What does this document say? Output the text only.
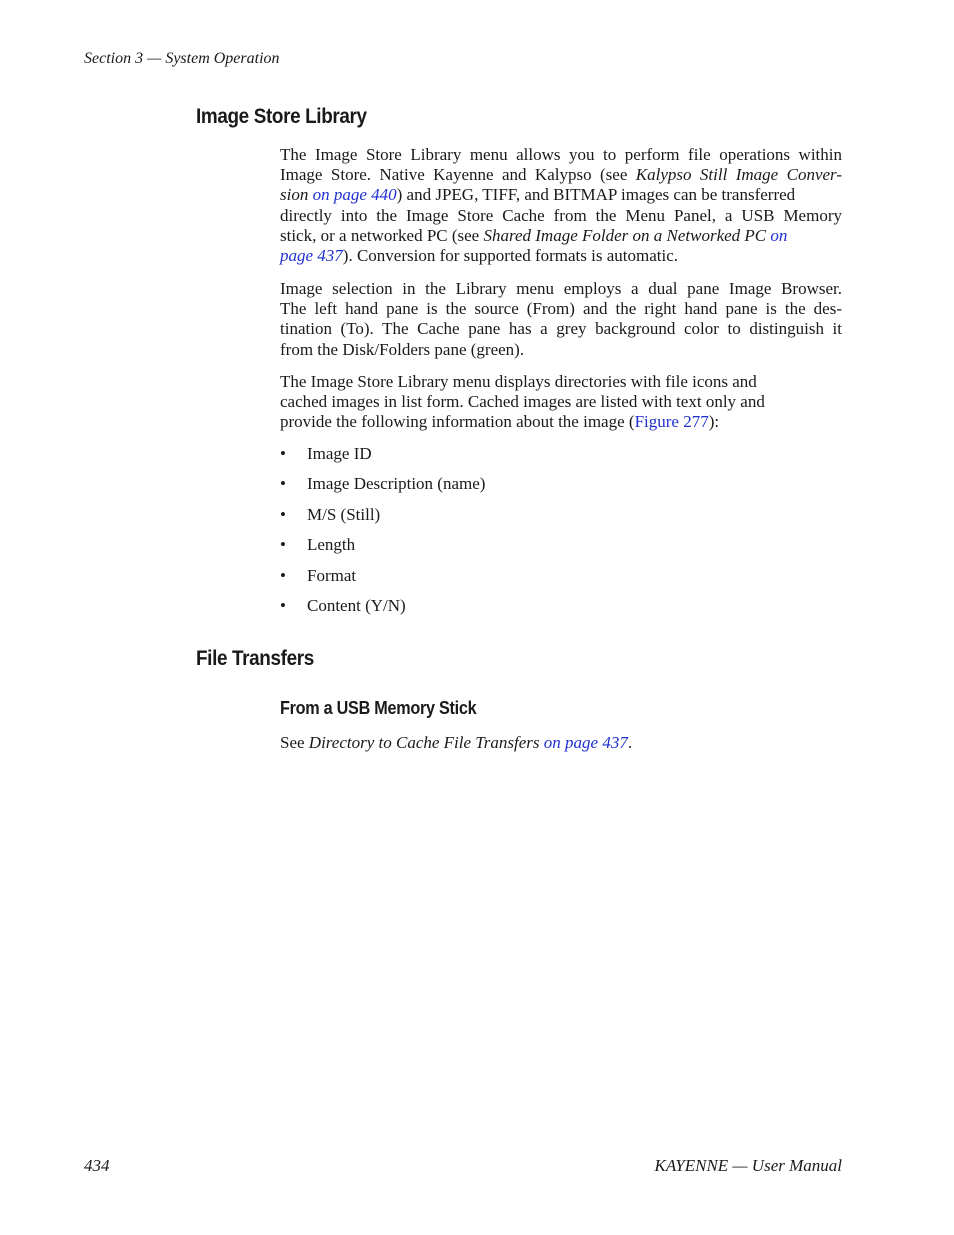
Section 3 — System Operation
Image Store Library

The Image Store Library menu allows you to perform file operations within
Image Store. Native Kayenne and Kalypso (see Kalypso Still Image Conver-
sion on page 440) and JPEG, TIFF, and BITMAP images can be transferred
directly into the Image Store Cache from the Menu Panel, a USB Memory
stick, or a networked PC (see Shared Image Folder on a Networked PC on
page 437). Conversion for supported formats is automatic.

Image selection in the Library menu employs a dual pane Image Browser.
The left hand pane is the source (From) and the right hand pane is the des-
tination (To). The Cache pane has a grey background color to distinguish it
from the Disk/Folders pane (green).

The Image Store Library menu displays directories with file icons and
cached images in list form. Cached images are listed with text only and
provide the following information about the image (Figure 277):

• Image ID
• Image Description (name)
• M/S (Still)
• Length
• Format
• Content (Y/N)
File Transfers
From a USB Memory Stick

See Directory to Cache File Transfers on page 437.

434	KAYENNE — User Manual
